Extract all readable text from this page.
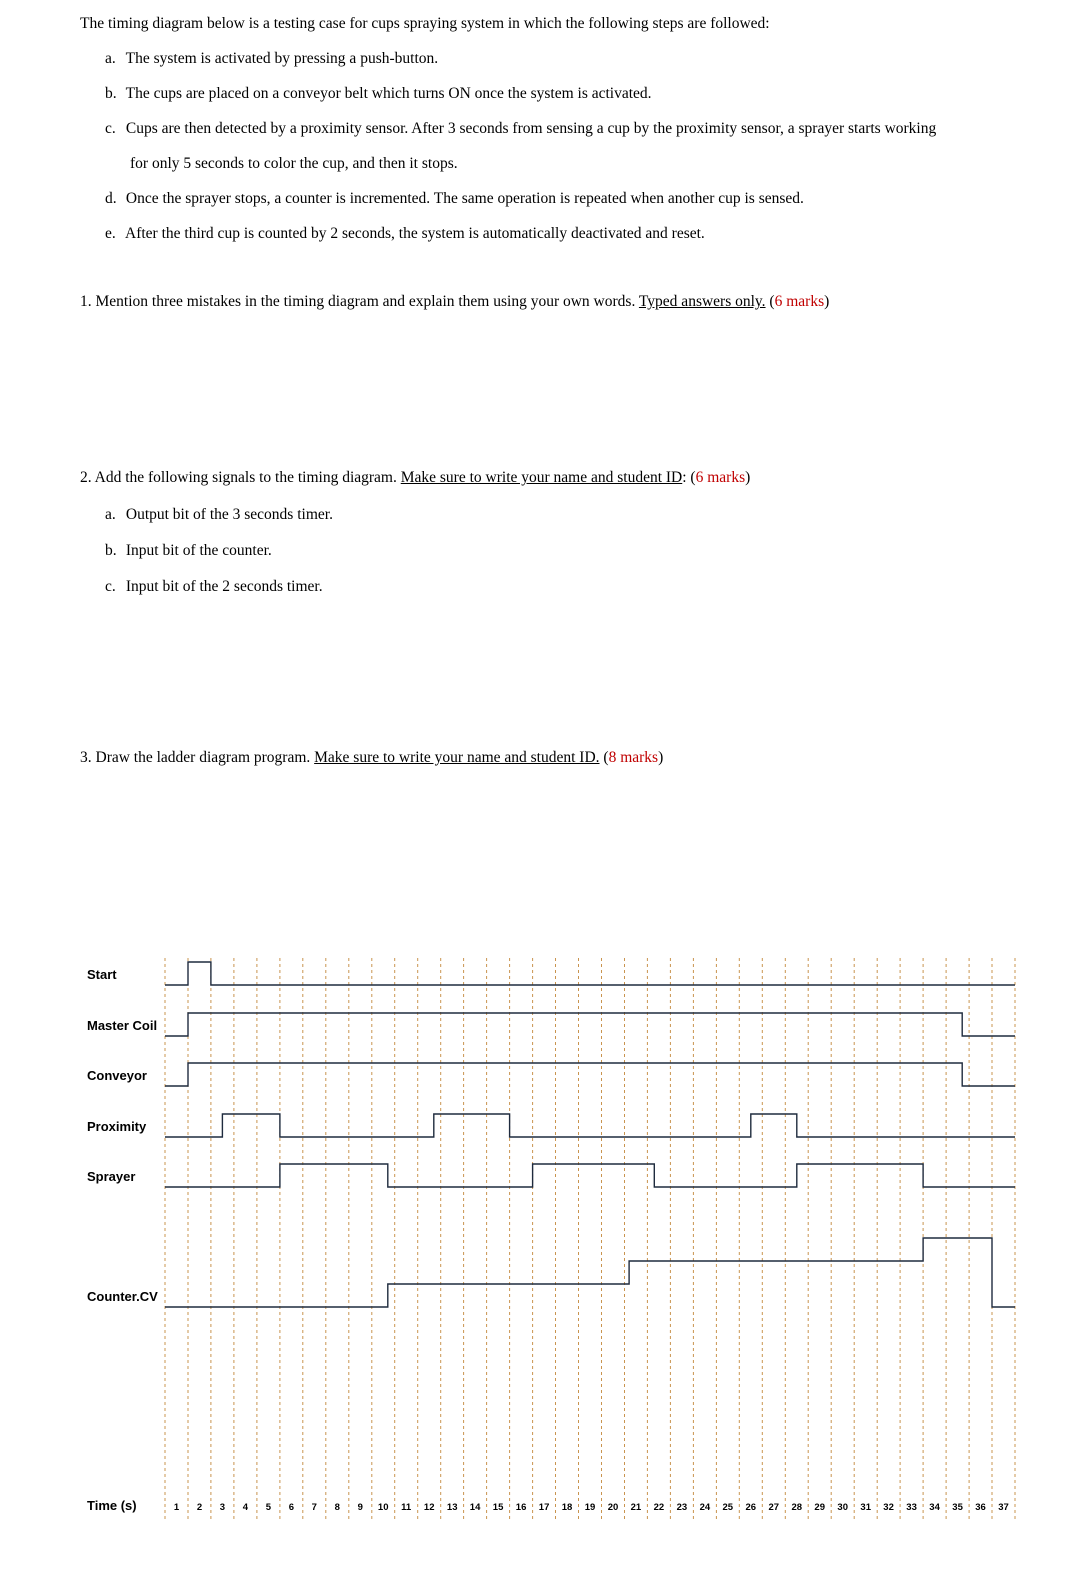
The timing diagram below is a testing case for cups spraying system in which the following steps are followed:

a. The system is activated by pressing a push-button.
b. The cups are placed on a conveyor belt which turns ON once the system is activated.
c. Cups are then detected by a proximity sensor. After 3 seconds from sensing a cup by the proximity sensor, a sprayer starts working
for only 5 seconds to color the cup, and then it stops.
d. Once the sprayer stops, a counter is incremented. The same operation is repeated when another cup is sensed.
e. After the third cup is counted by 2 seconds, the system is automatically deactivated and reset.

1. Mention three mistakes in the timing diagram and explain them using your own words. Typed answers only. (6 marks)

2. Add the following signals to the timing diagram. Make sure to write your name and student ID: (6 marks)

a. Output bit of the 3 seconds timer.
b. Input bit of the counter.
c. Input bit of the 2 seconds timer.

3. Draw the ladder diagram program. Make sure to write your name and student ID. (8 marks)

1 2 3 4 5 6 7 8 9 10 11 12 13 14 15 16 17 18 19 20 21 22 23 24 25 26 27 28 29 30 31 32 33 34 35 36 37
Time (s)
Start
Master Coil
Conveyor
Proximity
Sprayer
Counter.CV
